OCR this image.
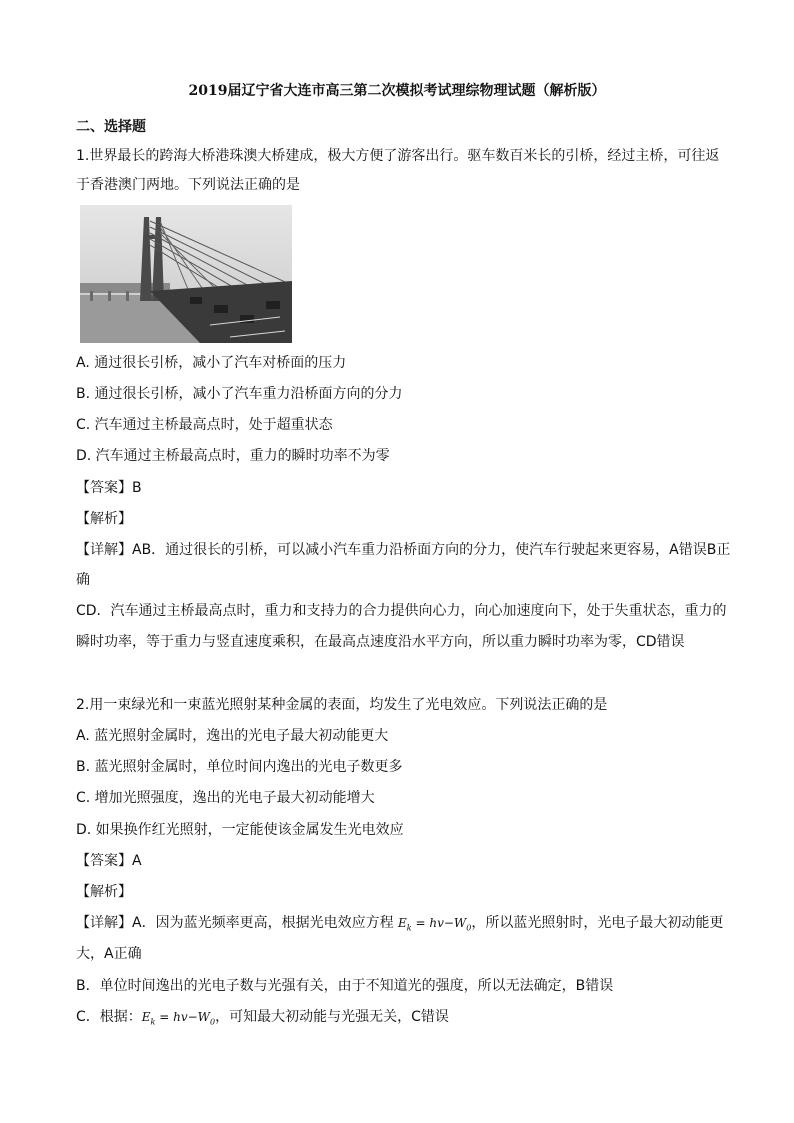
2019届辽宁省大连市高三第二次模拟考试理综物理试题（解析版）
二、选择题
1.世界最长的跨海大桥港珠澳大桥建成，极大方便了游客出行。驱车数百米长的引桥，经过主桥，可往返
于香港澳门两地。下列说法正确的是
A. 通过很长引桥，减小了汽车对桥面的压力
B. 通过很长引桥，减小了汽车重力沿桥面方向的分力
C. 汽车通过主桥最高点时，处于超重状态
D. 汽车通过主桥最高点时，重力的瞬时功率不为零
【答案】B
【解析】
【详解】AB．通过很长的引桥，可以减小汽车重力沿桥面方向的分力，使汽车行驶起来更容易，A错误B正
确
CD．汽车通过主桥最高点时，重力和支持力的合力提供向心力，向心加速度向下，处于失重状态，重力的
瞬时功率，等于重力与竖直速度乘积，在最高点速度沿水平方向，所以重力瞬时功率为零，CD错误
2.用一束绿光和一束蓝光照射某种金属的表面，均发生了光电效应。下列说法正确的是
A. 蓝光照射金属时，逸出的光电子最大初动能更大
B. 蓝光照射金属时，单位时间内逸出的光电子数更多
C. 增加光照强度，逸出的光电子最大初动能增大
D. 如果换作红光照射，一定能使该金属发生光电效应
【答案】A
【解析】
【详解】A．因为蓝光频率更高，根据光电效应方程 $E_k = hv-W_0$，所以蓝光照射时，光电子最大初动能更
大，A正确
B．单位时间逸出的光电子数与光强有关，由于不知道光的强度，所以无法确定，B错误
C．根据：$E_k = hv-W_0$，可知最大初动能与光强无关，C错误
